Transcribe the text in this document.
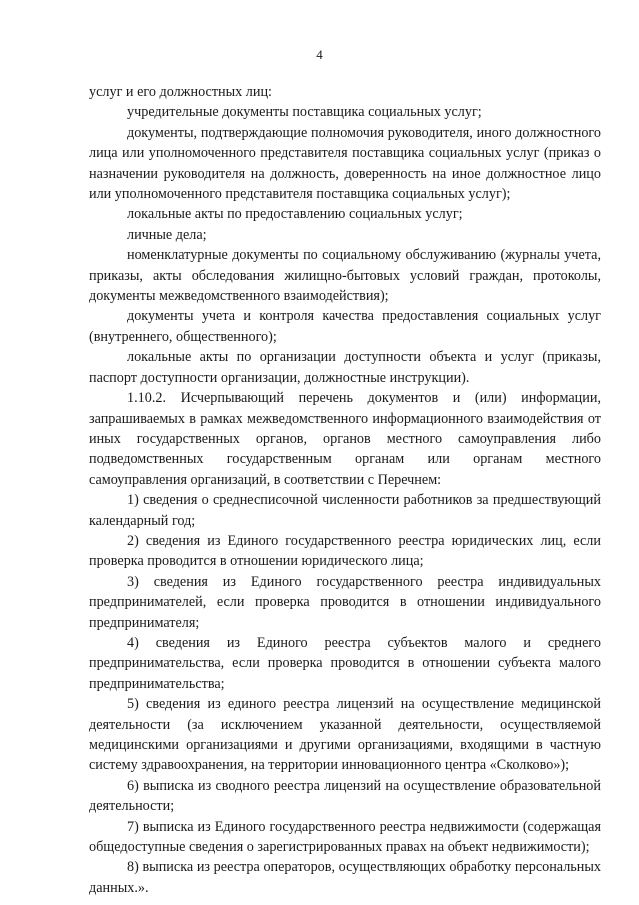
4

услуг и его должностных лиц:

учредительные документы поставщика социальных услуг;

документы, подтверждающие полномочия руководителя, иного должностного лица или уполномоченного представителя поставщика социальных услуг (приказ о назначении руководителя на должность, доверенность на иное должностное лицо или уполномоченного представителя поставщика социальных услуг);

локальные акты по предоставлению социальных услуг;

личные дела;

номенклатурные документы по социальному обслуживанию (журналы учета, приказы, акты обследования жилищно-бытовых условий граждан, протоколы, документы межведомственного взаимодействия);

документы учета и контроля качества предоставления социальных услуг (внутреннего, общественного);

локальные акты по организации доступности объекта и услуг (приказы, паспорт доступности организации, должностные инструкции).

1.10.2. Исчерпывающий перечень документов и (или) информации, запрашиваемых в рамках межведомственного информационного взаимодействия от иных государственных органов, органов местного самоуправления либо подведомственных государственным органам или органам местного самоуправления организаций, в соответствии с Перечнем:

1) сведения о среднесписочной численности работников за предшествующий календарный год;

2) сведения из Единого государственного реестра юридических лиц, если проверка проводится в отношении юридического лица;

3) сведения из Единого государственного реестра индивидуальных предпринимателей, если проверка проводится в отношении индивидуального предпринимателя;

4) сведения из Единого реестра субъектов малого и среднего предпринимательства, если проверка проводится в отношении субъекта малого предпринимательства;

5) сведения из единого реестра лицензий на осуществление медицинской деятельности (за исключением указанной деятельности, осуществляемой медицинскими организациями и другими организациями, входящими в частную систему здравоохранения, на территории инновационного центра «Сколково»);

6) выписка из сводного реестра лицензий на осуществление образовательной деятельности;

7) выписка из Единого государственного реестра недвижимости (содержащая общедоступные сведения о зарегистрированных правах на объект недвижимости);

8) выписка из реестра операторов, осуществляющих обработку персональных данных.».
